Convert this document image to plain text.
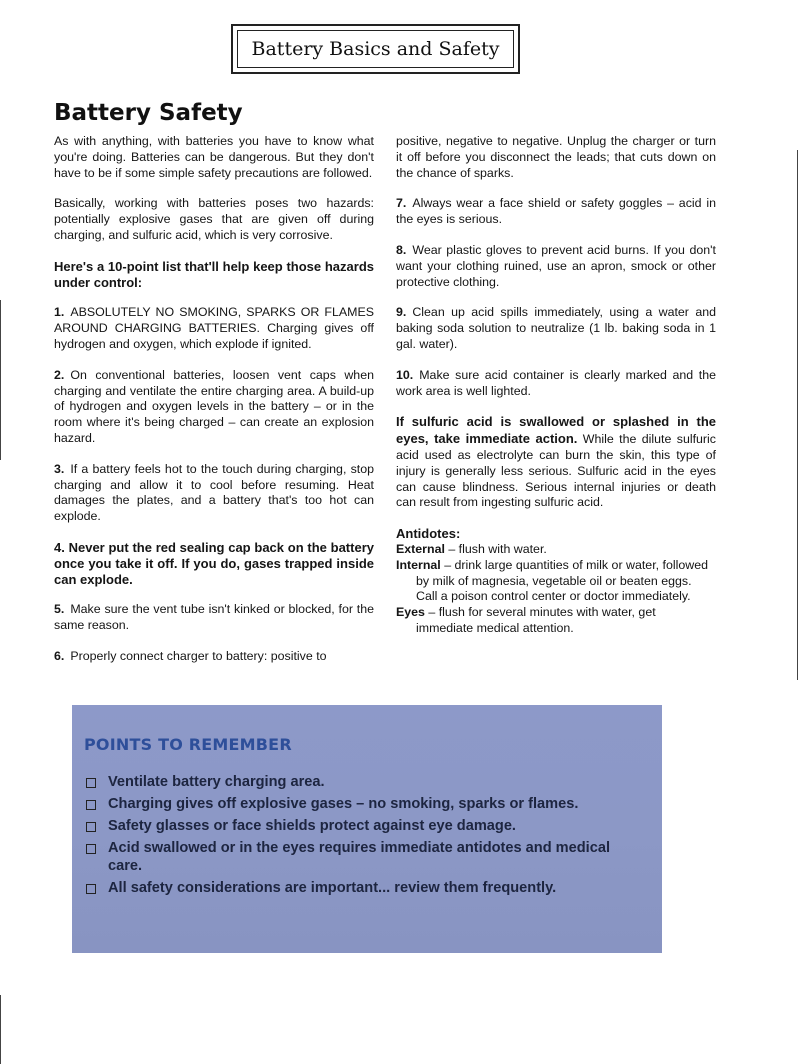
Battery Basics and Safety
Battery Safety

As with anything, with batteries you have to know what you're doing. Batteries can be dangerous. But they don't have to be if some simple safety precautions are followed.

Basically, working with batteries poses two hazards: potentially explosive gases that are given off during charging, and sulfuric acid, which is very corrosive.

Here's a 10-point list that'll help keep those hazards under control:

1. ABSOLUTELY NO SMOKING, SPARKS OR FLAMES AROUND CHARGING BATTERIES. Charging gives off hydrogen and oxygen, which explode if ignited.

2. On conventional batteries, loosen vent caps when charging and ventilate the entire charging area. A build-up of hydrogen and oxygen levels in the battery – or in the room where it's being charged – can create an explosion hazard.

3. If a battery feels hot to the touch during charging, stop charging and allow it to cool before resuming. Heat damages the plates, and a battery that's too hot can explode.

4. Never put the red sealing cap back on the battery once you take it off. If you do, gases trapped inside can explode.

5. Make sure the vent tube isn't kinked or blocked, for the same reason.

6. Properly connect charger to battery: positive to

positive, negative to negative. Unplug the charger or turn it off before you disconnect the leads; that cuts down on the chance of sparks.

7. Always wear a face shield or safety goggles – acid in the eyes is serious.

8. Wear plastic gloves to prevent acid burns. If you don't want your clothing ruined, use an apron, smock or other protective clothing.

9. Clean up acid spills immediately, using a water and baking soda solution to neutralize (1 lb. baking soda in 1 gal. water).

10. Make sure acid container is clearly marked and the work area is well lighted.

If sulfuric acid is swallowed or splashed in the eyes, take immediate action. While the dilute sulfuric acid used as electrolyte can burn the skin, this type of injury is generally less serious. Sulfuric acid in the eyes can cause blindness. Serious internal injuries or death can result from ingesting sulfuric acid.

Antidotes:

External – flush with water.

Internal – drink large quantities of milk or water, followed by milk of magnesia, vegetable oil or beaten eggs. Call a poison control center or doctor immediately.

Eyes – flush for several minutes with water, get immediate medical attention.

POINTS TO REMEMBER
Ventilate battery charging area.
Charging gives off explosive gases – no smoking, sparks or flames.
Safety glasses or face shields protect against eye damage.
Acid swallowed or in the eyes requires immediate antidotes and medical care.
All safety considerations are important... review them frequently.
